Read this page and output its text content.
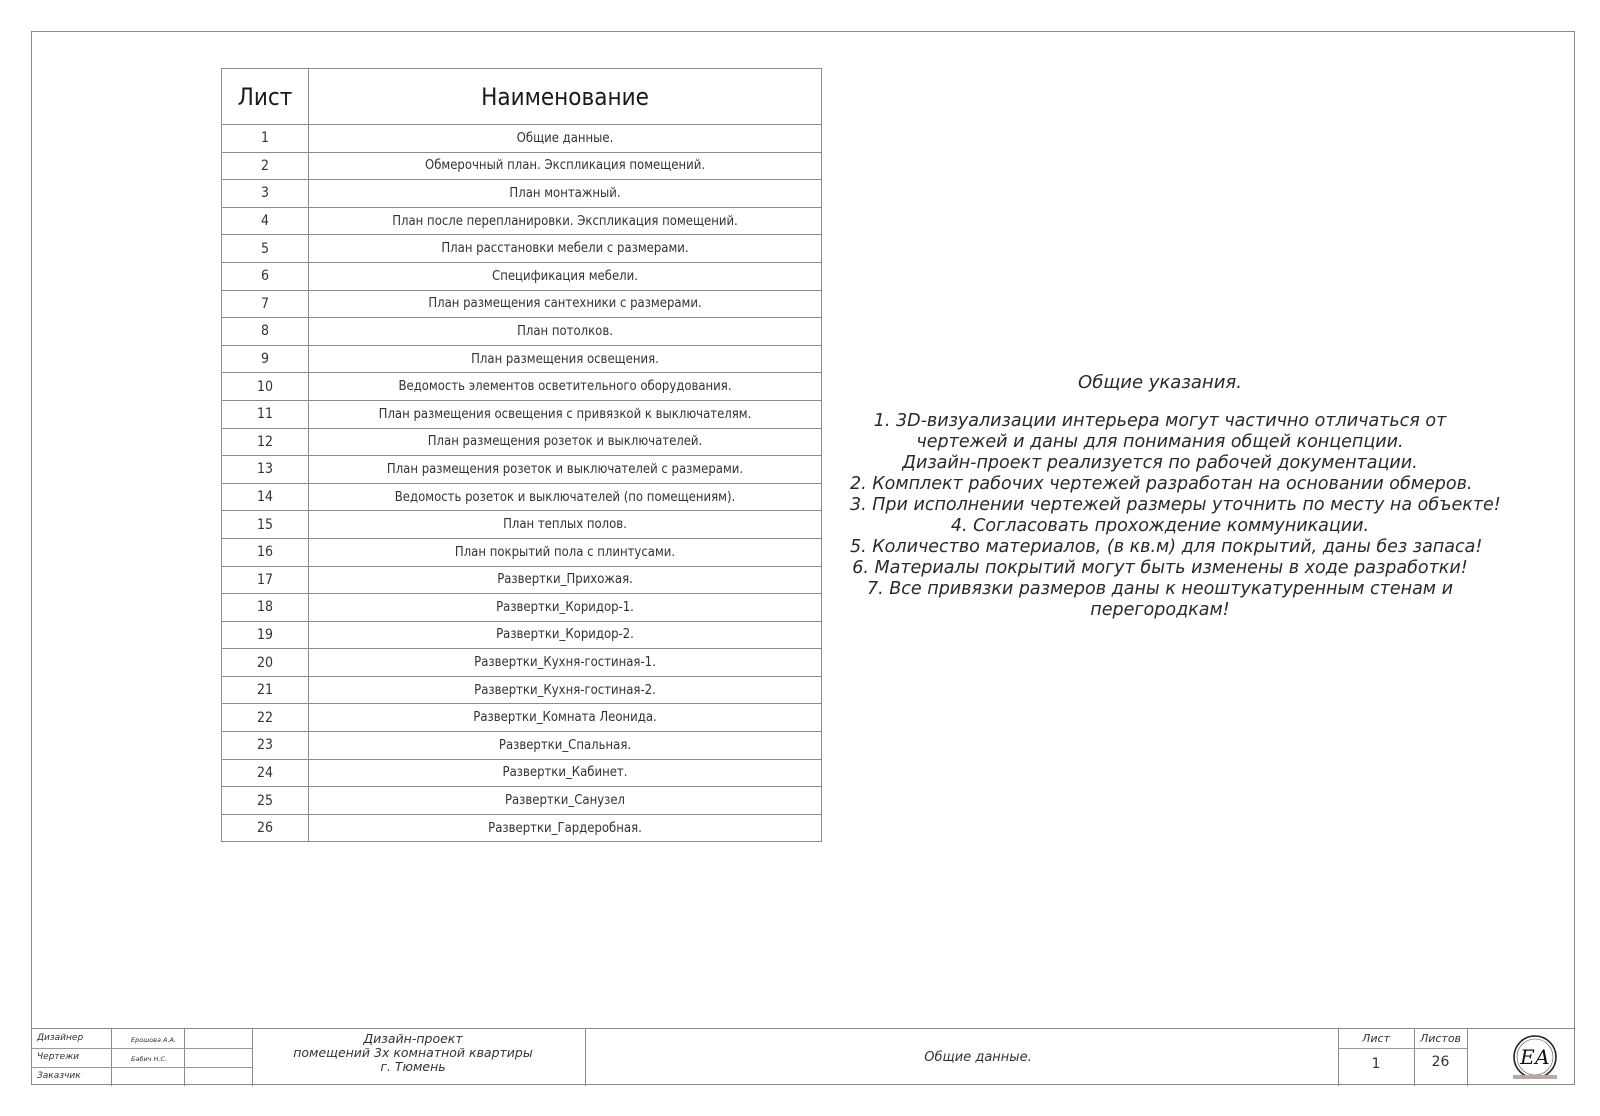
Лист	Наименование
1	Общие данные.
2	Обмерочный план. Экспликация помещений.
3	План монтажный.
4	План после перепланировки. Экспликация помещений.
5	План расстановки мебели с размерами.
6	Спецификация мебели.
7	План размещения сантехники с размерами.
8	План потолков.
9	План размещения освещения.
10	Ведомость элементов осветительного оборудования.
11	План размещения освещения с привязкой к выключателям.
12	План размещения розеток и выключателей.
13	План размещения розеток и выключателей с размерами.
14	Ведомость розеток и выключателей (по помещениям).
15	План теплых полов.
16	План покрытий пола с плинтусами.
17	Развертки_Прихожая.
18	Развертки_Коридор-1.
19	Развертки_Коридор-2.
20	Развертки_Кухня-гостиная-1.
21	Развертки_Кухня-гостиная-2.
22	Развертки_Комната Леонида.
23	Развертки_Спальная.
24	Развертки_Кабинет.
25	Развертки_Санузел
26	Развертки_Гардеробная.
Общие указания.
1. 3D-визуализации интерьера могут частично отличаться от
чертежей и даны для понимания общей концепции.
Дизайн-проект реализуется по рабочей документации.
2. Комплект рабочих чертежей разработан на основании обмеров.
3. При исполнении чертежей размеры уточнить по месту на объекте!
4. Согласовать прохождение коммуникации.
5. Количество материалов, (в кв.м) для покрытий, даны без запаса!
6. Материалы покрытий могут быть изменены в ходе разработки!
7. Все привязки размеров даны к неоштукатуренным стенам и
перегородкам!
Дизайнер	Ерошова А.А.
Чертежи	Бабич Н.С.
Заказчик
Дизайн-проект
помещений 3х комнатной квартиры
г. Тюмень
Общие данные.
Лист	Листов
1	26	ЕА
